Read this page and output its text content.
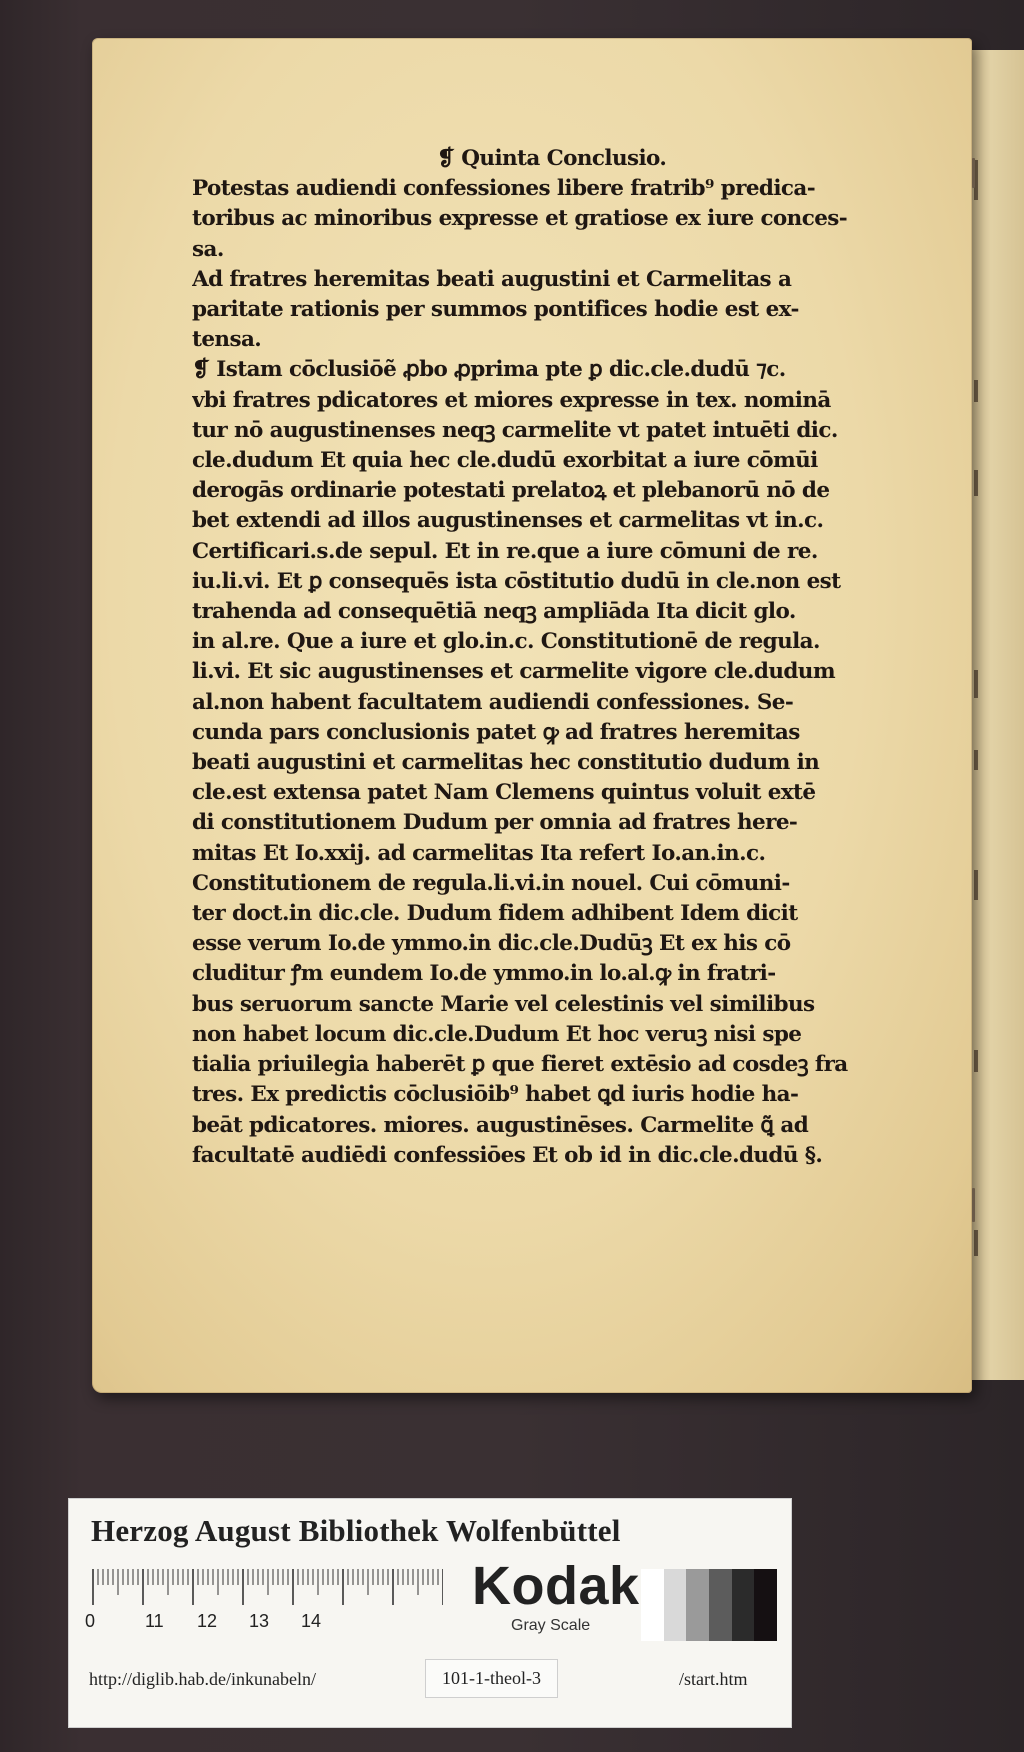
❡ Quinta Conclusio.
Potestas audiendi confessiones libere fratrib⁹ predica-
toribus ac minoribus expresse et gratiose ex iure conces-
sa.
Ad fratres heremitas beati augustini et Carmelitas a
paritate rationis per summos pontifices hodie est ex-
tensa.
❡ Istam cōclusiōẽ ꝓbo ꝓprima pte ꝑ dic.cle.dudū ⁊c.
vbi fratres pdicatores et miores expresse in tex. nominā
tur nō augustinenses neqꝫ carmelite vt patet intuēti dic.
cle.dudum Et quia hec cle.dudū exorbitat a iure cōmūi
derogās ordinarie potestati prelatoꝝ et plebanorū nō de
bet extendi ad illos augustinenses et carmelitas vt in.c.
Certificari.s.de sepul. Et in re.que a iure cōmuni de re.
iu.li.vi. Et ꝑ consequēs ista cōstitutio dudū in cle.non est
trahenda ad consequētiā neqꝫ ampliāda Ita dicit glo.
in al.re. Que a iure et glo.in.c. Constitutionē de regula.
li.vi. Et sic augustinenses et carmelite vigore cle.dudum
al.non habent facultatem audiendi confessiones. Se-
cunda pars conclusionis patet ꝙ ad fratres heremitas
beati augustini et carmelitas hec constitutio dudum in
cle.est extensa patet Nam Clemens quintus voluit extē
di constitutionem Dudum per omnia ad fratres here-
mitas Et Io.xxij. ad carmelitas Ita refert Io.an.in.c.
Constitutionem de regula.li.vi.in nouel. Cui cōmuni-
ter doct.in dic.cle. Dudum fidem adhibent Idem dicit
esse verum Io.de ymmo.in dic.cle.Dudūꝫ Et ex his cō
cluditur ꝭm eundem Io.de ymmo.in lo.al.ꝙ in fratri-
bus seruorum sancte Marie vel celestinis vel similibus
non habet locum dic.cle.Dudum Et hoc veruꝫ nisi spe
tialia priuilegia haberēt ꝑ que fieret extēsio ad cosdeꝫ fra
tres. Ex predictis cōclusiōib⁹ habet ꝗd iuris hodie ha-
beāt pdicatores. miores. augustinēses. Carmelite ꝗ̃ ad
facultatē audiēdi confessiōes Et ob id in dic.cle.dudū §.
Herzog August Bibliothek Wolfenbüttel
0	11 12 13 14
Kodak
Gray Scale
http://diglib.hab.de/inkunabeln/	101-1-theol-3	/start.htm
